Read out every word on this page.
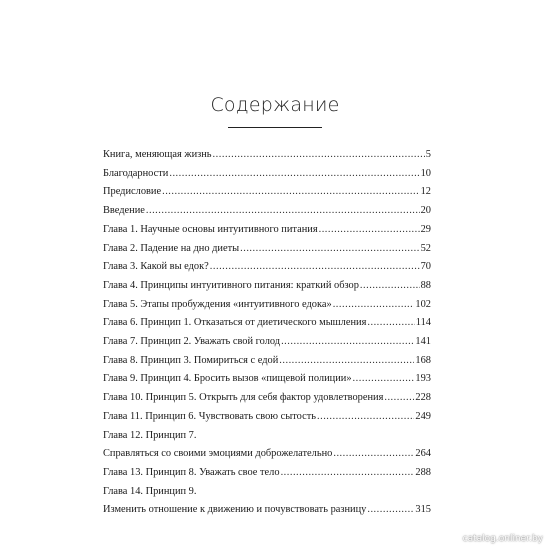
Содержание
Книга, меняющая жизнь .....	5
Благодарности .....	10
Предисловие .....	12
Введение .....	20
Глава 1. Научные основы интуитивного питания .....	29
Глава 2. Падение на дно диеты .....	52
Глава 3. Какой вы едок? .....	70
Глава 4. Принципы интуитивного питания: краткий обзор .....	88
Глава 5. Этапы пробуждения «интуитивного едока» .....	102
Глава 6. Принцип 1. Отказаться от диетического мышления .....	114
Глава 7. Принцип 2. Уважать свой голод .....	141
Глава 8. Принцип 3. Помириться с едой .....	168
Глава 9. Принцип 4. Бросить вызов «пищевой полиции» .....	193
Глава 10. Принцип 5. Открыть для себя фактор удовлетворения .....	228
Глава 11. Принцип 6. Чувствовать свою сытость .....	249
Глава 12. Принцип 7.
Справляться со своими эмоциями доброжелательно .....	264
Глава 13. Принцип 8. Уважать свое тело .....	288
Глава 14. Принцип 9.
Изменить отношение к движению и почувствовать разницу .....	315
catalog.onliner.by
